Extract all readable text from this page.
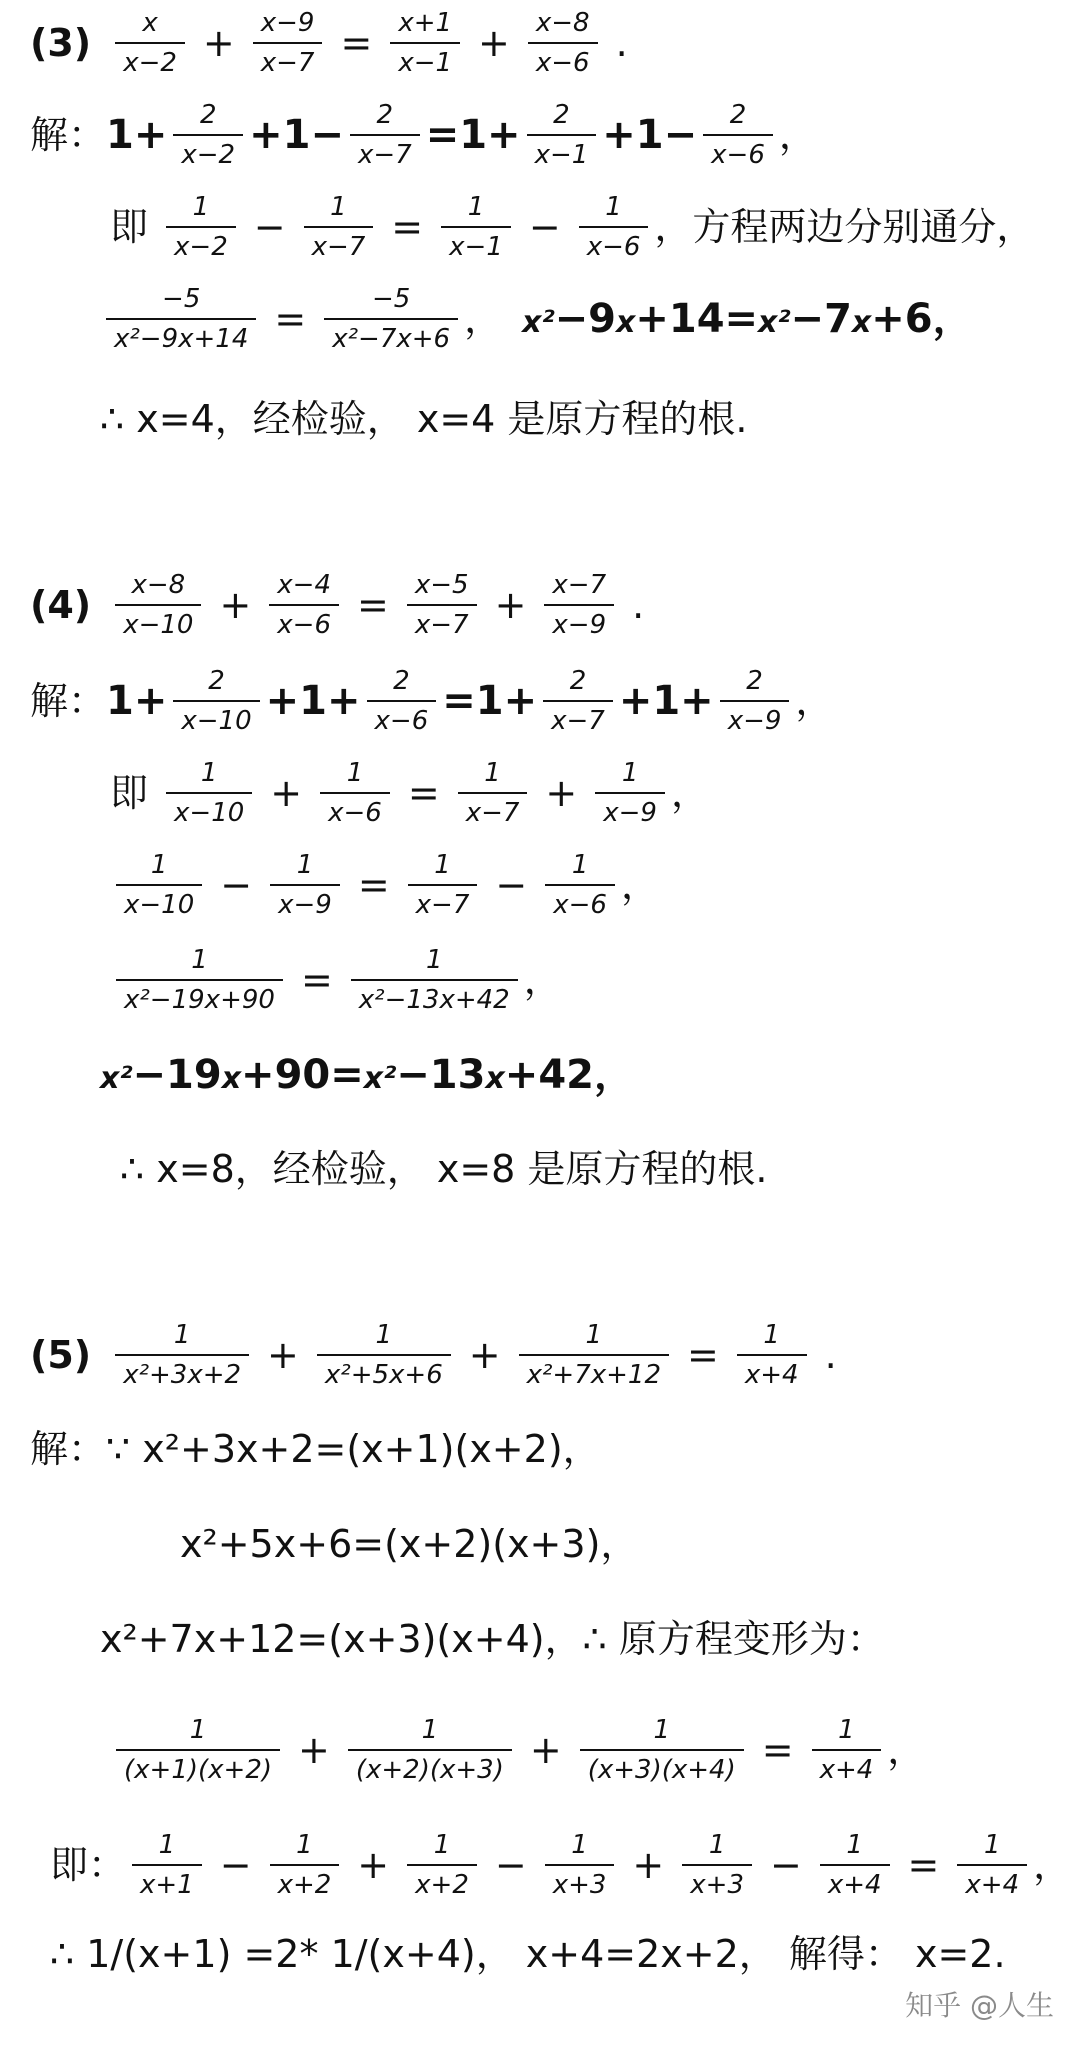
$(3) \frac{x}{x-2} + \frac{x-9}{x-7} = \frac{x+1}{x-1} + \frac{x-8}{x-6}$ .
解： $1+ \frac{2}{x-2} +1- \frac{2}{x-7} =1+ \frac{2}{x-1} +1- \frac{2}{x-6}$ ，
即 $\frac{1}{x-2} - \frac{1}{x-7} = \frac{1}{x-1} - \frac{1}{x-6}$ ，方程两边分别通分，
$\frac{-5}{\text{x²−9x+14}} = \frac{-5}{\text{x²−7x+6}}$ ， x²−9x+14=x²−7x+6，
∴ x=4，经检验， x=4 是原方程的根.
$(4) \frac{x-8}{x-10} + \frac{x-4}{x-6} = \frac{x-5}{x-7} + \frac{x-7}{x-9}$ .
解： $1+ \frac{2}{x-10} +1+ \frac{2}{x-6} =1+ \frac{2}{x-7} +1+ \frac{2}{x-9}$ ，
即 $\frac{1}{x-10} + \frac{1}{x-6} = \frac{1}{x-7} + \frac{1}{x-9}$ ，
$\frac{1}{x-10} - \frac{1}{x-9} = \frac{1}{x-7} - \frac{1}{x-6}$ ，
$\frac{1}{\text{x²−19x+90}} = \frac{1}{\text{x²−13x+42}}$ ，
x²−19x+90=x²−13x+42，
∴ x=8，经检验， x=8 是原方程的根.
$(5) \frac{1}{\text{x²+3x+2}} + \frac{1}{\text{x²+5x+6}} + \frac{1}{\text{x²+7x+12}} = \frac{1}{x+4}$ .
解：∵ x²+3x+2=(x+1)(x+2)，
x²+5x+6=(x+2)(x+3)，
x²+7x+12=(x+3)(x+4)，∴ 原方程变形为：
$\frac{1}{(x+1)(x+2)} + \frac{1}{(x+2)(x+3)} + \frac{1}{(x+3)(x+4)} = \frac{1}{x+4}$ ，
即： $\frac{1}{x+1} - \frac{1}{x+2} + \frac{1}{x+2} - \frac{1}{x+3} + \frac{1}{x+3} - \frac{1}{x+4} = \frac{1}{x+4}$ ，
∴ 1/(x+1) =2* 1/(x+4)， x+4=2x+2， 解得： x=2.
知乎 @人生
